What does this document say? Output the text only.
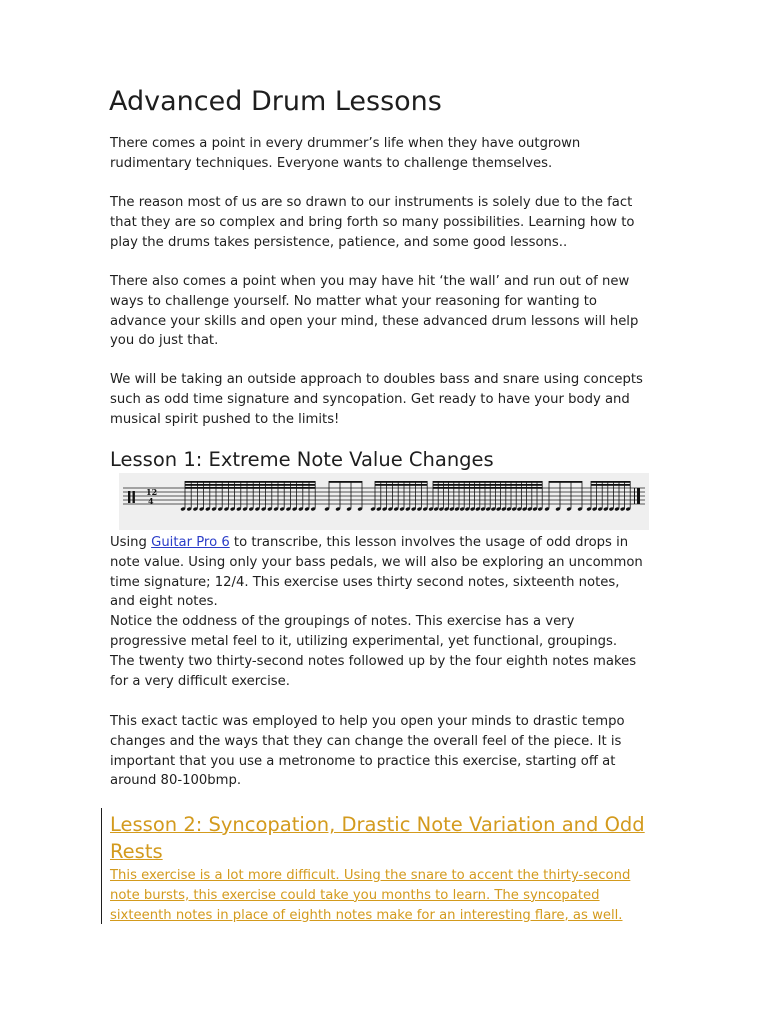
Advanced Drum Lessons

There comes a point in every drummer’s life when they have outgrown
rudimentary techniques. Everyone wants to challenge themselves.

The reason most of us are so drawn to our instruments is solely due to the fact
that they are so complex and bring forth so many possibilities. Learning how to
play the drums takes persistence, patience, and some good lessons..

There also comes a point when you may have hit ‘the wall’ and run out of new
ways to challenge yourself. No matter what your reasoning for wanting to
advance your skills and open your mind, these advanced drum lessons will help
you do just that.

We will be taking an outside approach to doubles bass and snare using concepts
such as odd time signature and syncopation. Get ready to have your body and
musical spirit pushed to the limits!

Lesson 1: Extreme Note Value Changes
12
4

Using Guitar Pro 6 to transcribe, this lesson involves the usage of odd drops in
note value. Using only your bass pedals, we will also be exploring an uncommon
time signature; 12/4. This exercise uses thirty second notes, sixteenth notes,
and eight notes.
Notice the oddness of the groupings of notes. This exercise has a very
progressive metal feel to it, utilizing experimental, yet functional, groupings.
The twenty two thirty-second notes followed up by the four eighth notes makes
for a very difficult exercise.

This exact tactic was employed to help you open your minds to drastic tempo
changes and the ways that they can change the overall feel of the piece. It is
important that you use a metronome to practice this exercise, starting off at
around 80-100bmp.

Lesson 2: Syncopation, Drastic Note Variation and Odd
Rests

This exercise is a lot more difficult. Using the snare to accent the thirty-second
note bursts, this exercise could take you months to learn. The syncopated
sixteenth notes in place of eighth notes make for an interesting flare, as well.
